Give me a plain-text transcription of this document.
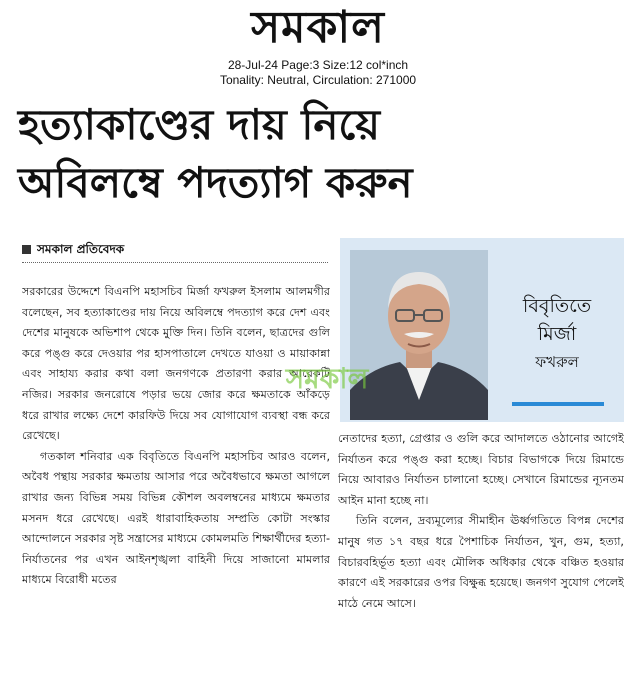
সমকাল
28-Jul-24 Page:3 Size:12 col*inch
Tonality: Neutral, Circulation: 271000
হত্যাকাণ্ডের দায় নিয়ে
অবিলম্বে পদত্যাগ করুন
সমকাল প্রতিবেদক

সরকারের উদ্দেশে বিএনপি মহাসচিব মির্জা ফখরুল ইসলাম আলমগীর বলেছেন, সব হত্যাকাণ্ডের দায় নিয়ে অবিলম্বে পদত্যাগ করে দেশ এবং দেশের মানুষকে অভিশাপ থেকে মুক্তি দিন। তিনি বলেন, ছাত্রদের গুলি করে পঙ্গু করে দেওয়ার পর হাসপাতালে দেখতে যাওয়া ও মায়াকান্না এবং সাহায্য করার কথা বলা জনগণকে প্রতারণা করার আরেকটি নজির। সরকার জনরোষে পড়ার ভয়ে জোর করে ক্ষমতাকে আঁকড়ে ধরে রাখার লক্ষ্যে দেশে কারফিউ দিয়ে সব যোগাযোগ ব্যবস্থা বন্ধ করে রেখেছে।

গতকাল শনিবার এক বিবৃতিতে বিএনপি মহাসচিব আরও বলেন, অবৈধ পন্থায় সরকার ক্ষমতায় আসার পরে অবৈধভাবে ক্ষমতা আগলে রাখার জন্য বিভিন্ন সময় বিভিন্ন কৌশল অবলম্বনের মাধ্যমে ক্ষমতার মসনদ ধরে রেখেছে। এরই ধারাবাহিকতায় সম্প্রতি কোটা সংস্কার আন্দোলনে সরকার সৃষ্ট সন্ত্রাসের মাধ্যমে কোমলমতি শিক্ষার্থীদের হত্যা-নির্যাতনের পর এখন আইনশৃঙ্খলা বাহিনী দিয়ে সাজানো মামলার মাধ্যমে বিরোধী মতের

বিবৃতিতে
মির্জা
ফখরুল

নেতাদের হত্যা, গ্রেপ্তার ও গুলি করে আদালতে ওঠানোর আগেই নির্যাতন করে পঙ্গু করা হচ্ছে। বিচার বিভাগকে দিয়ে রিমান্ডে নিয়ে আবারও নির্যাতন চালানো হচ্ছে। সেখানে রিমান্ডের ন্যূনতম আইন মানা হচ্ছে না।

তিনি বলেন, দ্রব্যমূল্যের সীমাহীন ঊর্ধ্বগতিতে বিপন্ন দেশের মানুষ গত ১৭ বছর ধরে পৈশাচিক নির্যাতন, খুন, গুম, হত্যা, বিচারবহির্ভূত হত্যা এবং মৌলিক অধিকার থেকে বঞ্চিত হওয়ার কারণে এই সরকারের ওপর বিক্ষুব্ধ হয়েছে। জনগণ সুযোগ পেলেই মাঠে নেমে আসে।

সমকাল
